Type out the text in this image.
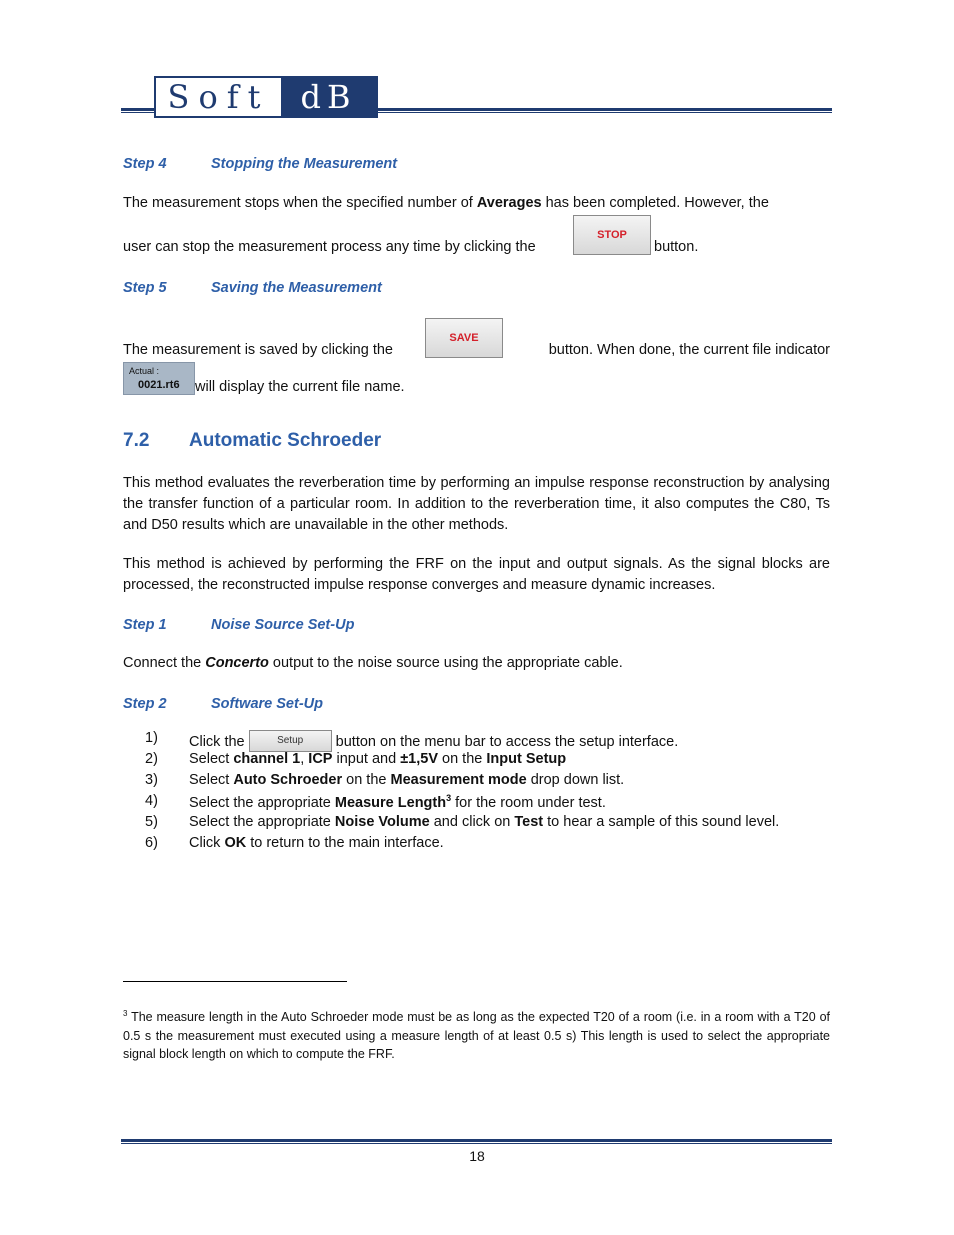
Soft dB
Step 4	Stopping the Measurement
The measurement stops when the specified number of Averages has been completed. However, the
user can stop the measurement process any time by clicking the
STOP
button.
Step 5	Saving the Measurement
The measurement is saved by clicking the
SAVE
button. When done, the current file indicator
Actual :
0021.rt6 will display the current file name.
7.2 Automatic Schroeder
This method evaluates the reverberation time by performing an impulse response reconstruction by analysing the transfer function of a particular room. In addition to the reverberation time, it also computes the C80, Ts and D50 results which are unavailable in the other methods.
This method is achieved by performing the FRF on the input and output signals. As the signal blocks are processed, the reconstructed impulse response converges and measure dynamic increases.
Step 1	Noise Source Set-Up
Connect the Concerto output to the noise source using the appropriate cable.
Step 2	Software Set-Up
1) Click the	Setup button on the menu bar to access the setup interface.
2) Select channel 1, ICP input and ±1,5V on the Input Setup
3) Select Auto Schroeder on the Measurement mode drop down list.
4) Select the appropriate Measure Length$^3$ for the room under test.
5) Select the appropriate Noise Volume and click on Test to hear a sample of this sound level.
6) Click OK to return to the main interface.
$^3$ The measure length in the Auto Schroeder mode must be as long as the expected T20 of a room (i.e. in a room with a T20 of 0.5 s the measurement must executed using a measure length of at least 0.5 s) This length is used to select the appropriate signal block length on which to compute the FRF.
18
